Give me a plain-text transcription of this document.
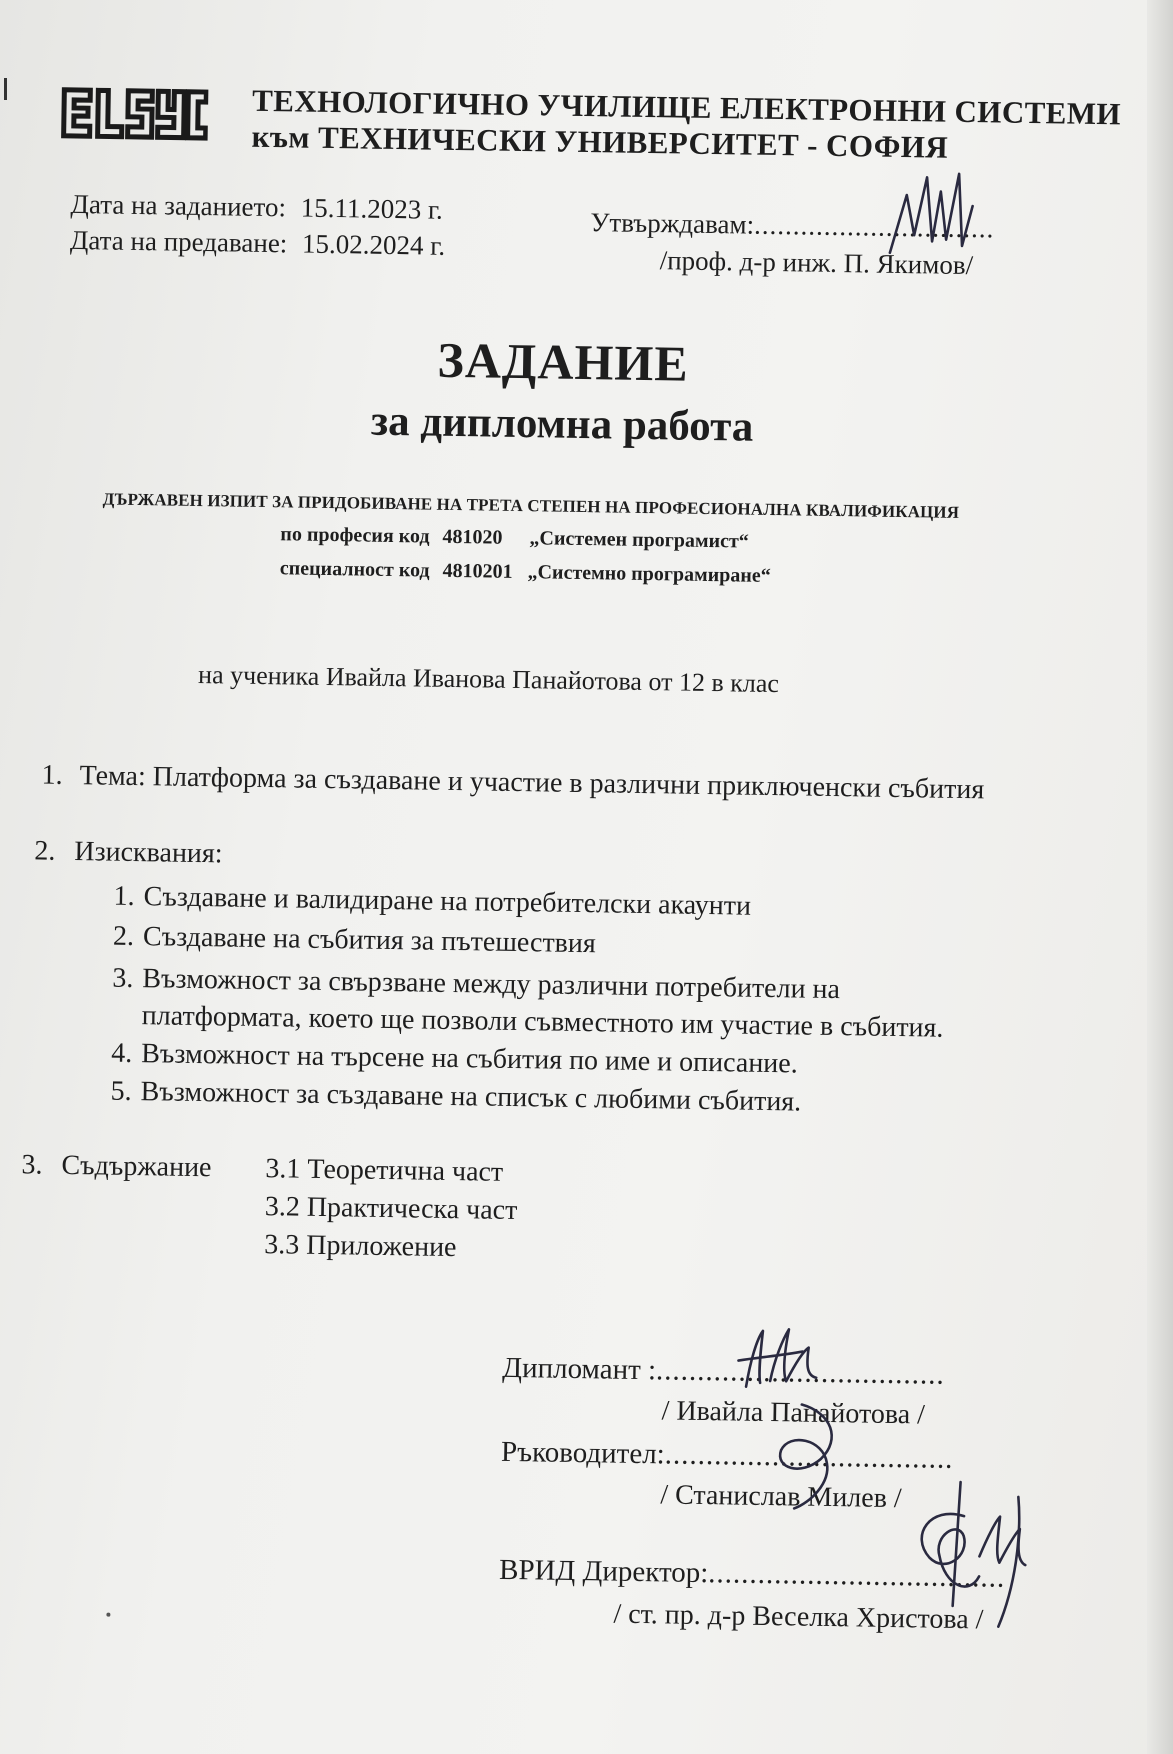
ELSYS	ТЕХНОЛОГИЧНО УЧИЛИЩЕ ЕЛЕКТРОННИ СИСТЕМИ
към ТЕХНИЧЕСКИ УНИВЕРСИТЕТ - СОФИЯ
Дата на заданието: 15.11.2023 г.
Дата на предаване: 15.02.2024 г.
Утвърждавам:...............................
/проф. д-р инж. П. Якимов/
ЗАДАНИЕ
за дипломна работа
ДЪРЖАВЕН ИЗПИТ ЗА ПРИДОБИВАНЕ НА ТРЕТА СТЕПЕН НА ПРОФЕСИОНАЛНА КВАЛИФИКАЦИЯ
по професия код 481020 „Системен програмист“
специалност код 4810201 „Системно програмиране“
на ученика Ивайла Иванова Панайотова от 12 в клас
1. Тема: Платформа за създаване и участие в различни приключенски събития
2. Изисквания:
1. Създаване и валидиране на потребителски акаунти
2. Създаване на събития за пътешествия
3. Възможност за свързване между различни потребители на
платформата, което ще позволи съвместното им участие в събития.
4. Възможност на търсене на събития по име и описание.
5. Възможност за създаване на списък с любими събития.
3. Съдържание 3.1 Теоретична част
3.2 Практическа част
3.3 Приложение
Дипломант :...................................
/ Ивайла Панайотова /
Ръководител:...................................
/ Станислав Милев /
ВРИД Директор:....................................
/ ст. пр. д-р Веселка Христова /
